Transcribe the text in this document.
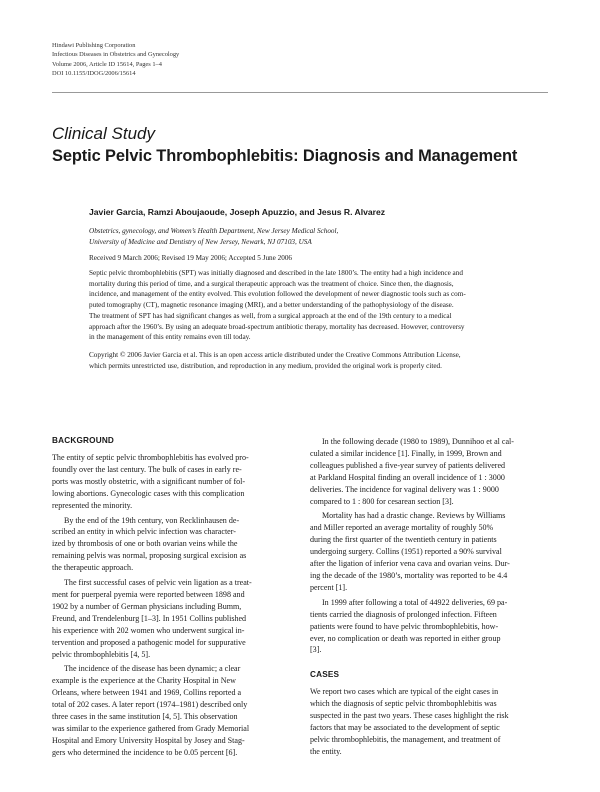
Hindawi Publishing Corporation
Infectious Diseases in Obstetrics and Gynecology
Volume 2006, Article ID 15614, Pages 1–4
DOI 10.1155/IDOG/2006/15614
Clinical Study
Septic Pelvic Thrombophlebitis: Diagnosis and Management
Javier Garcia, Ramzi Aboujaoude, Joseph Apuzzio, and Jesus R. Alvarez
Obstetrics, gynecology, and Women’s Health Department, New Jersey Medical School,
University of Medicine and Dentistry of New Jersey, Newark, NJ 07103, USA
Received 9 March 2006; Revised 19 May 2006; Accepted 5 June 2006
Septic pelvic thrombophlebitis (SPT) was initially diagnosed and described in the late 1800’s. The entity had a high incidence and
mortality during this period of time, and a surgical therapeutic approach was the treatment of choice. Since then, the diagnosis,
incidence, and management of the entity evolved. This evolution followed the development of newer diagnostic tools such as com-
puted tomography (CT), magnetic resonance imaging (MRI), and a better understanding of the pathophysiology of the disease.
The treatment of SPT has had significant changes as well, from a surgical approach at the end of the 19th century to a medical
approach after the 1960’s. By using an adequate broad-spectrum antibiotic therapy, mortality has decreased. However, controversy
in the management of this entity remains even till today.
Copyright © 2006 Javier Garcia et al. This is an open access article distributed under the Creative Commons Attribution License,
which permits unrestricted use, distribution, and reproduction in any medium, provided the original work is properly cited.
BACKGROUND
The entity of septic pelvic thrombophlebitis has evolved pro-
foundly over the last century. The bulk of cases in early re-
ports was mostly obstetric, with a significant number of fol-
lowing abortions. Gynecologic cases with this complication
represented the minority.
By the end of the 19th century, von Recklinhausen de-
scribed an entity in which pelvic infection was character-
ized by thrombosis of one or both ovarian veins while the
remaining pelvis was normal, proposing surgical excision as
the therapeutic approach.
The first successful cases of pelvic vein ligation as a treat-
ment for puerperal pyemia were reported between 1898 and
1902 by a number of German physicians including Bumm,
Freund, and Trendelenburg [1–3]. In 1951 Collins published
his experience with 202 women who underwent surgical in-
tervention and proposed a pathogenic model for suppurative
pelvic thrombophlebitis [4, 5].
The incidence of the disease has been dynamic; a clear
example is the experience at the Charity Hospital in New
Orleans, where between 1941 and 1969, Collins reported a
total of 202 cases. A later report (1974–1981) described only
three cases in the same institution [4, 5]. This observation
was similar to the experience gathered from Grady Memorial
Hospital and Emory University Hospital by Josey and Stag-
gers who determined the incidence to be 0.05 percent [6].
In the following decade (1980 to 1989), Dunnihoo et al cal-
culated a similar incidence [1]. Finally, in 1999, Brown and
colleagues published a five-year survey of patients delivered
at Parkland Hospital finding an overall incidence of 1 : 3000
deliveries. The incidence for vaginal delivery was 1 : 9000
compared to 1 : 800 for cesarean section [3].
Mortality has had a drastic change. Reviews by Williams
and Miller reported an average mortality of roughly 50%
during the first quarter of the twentieth century in patients
undergoing surgery. Collins (1951) reported a 90% survival
after the ligation of inferior vena cava and ovarian veins. Dur-
ing the decade of the 1980’s, mortality was reported to be 4.4
percent [1].
In 1999 after following a total of 44922 deliveries, 69 pa-
tients carried the diagnosis of prolonged infection. Fifteen
patients were found to have pelvic thrombophlebitis, how-
ever, no complication or death was reported in either group
[3].
CASES
We report two cases which are typical of the eight cases in
which the diagnosis of septic pelvic thrombophlebitis was
suspected in the past two years. These cases highlight the risk
factors that may be associated to the development of septic
pelvic thrombophlebitis, the management, and treatment of
the entity.
